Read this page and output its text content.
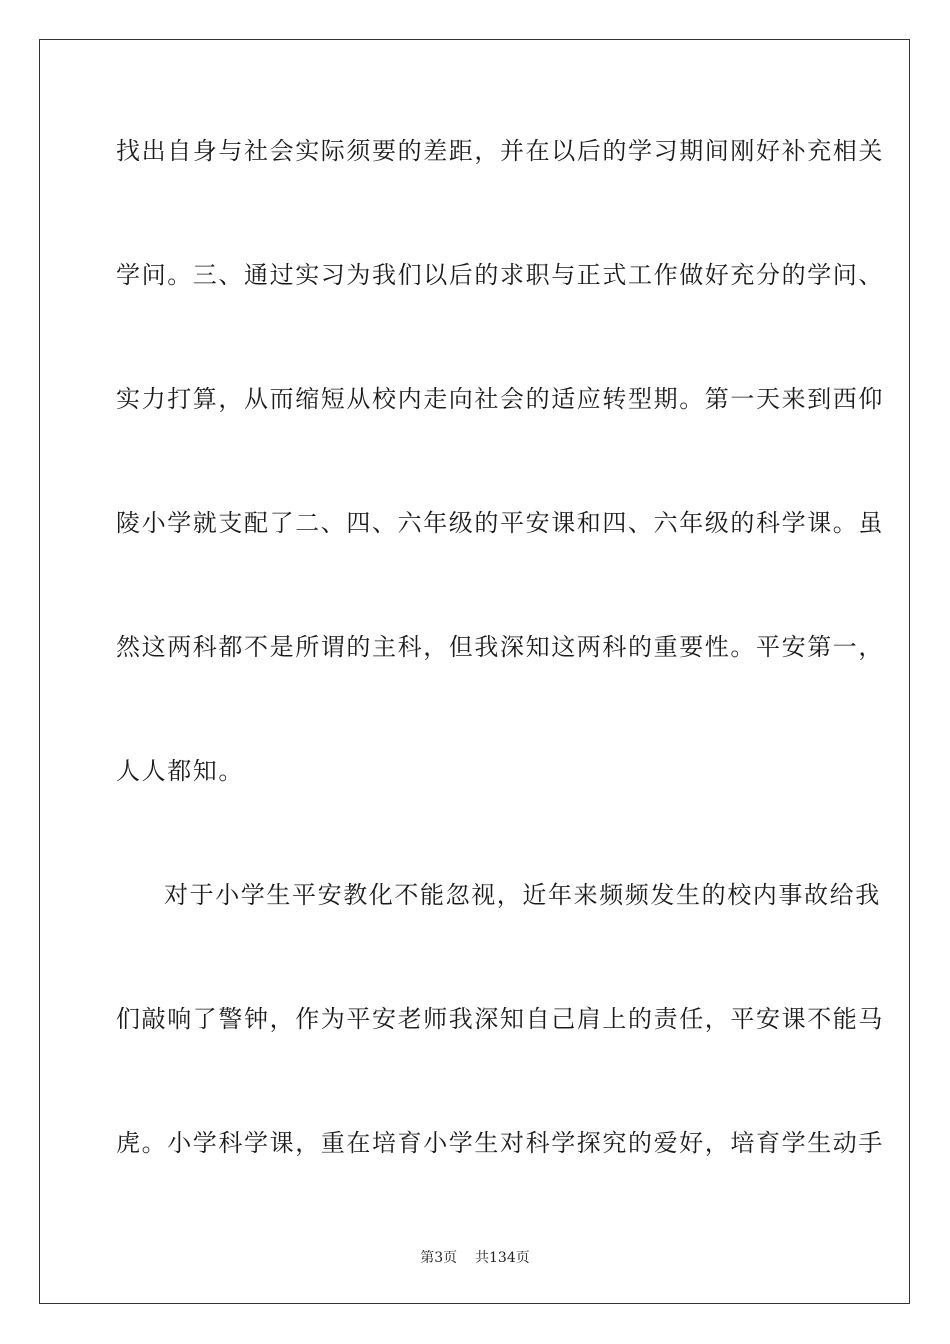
找出自身与社会实际须要的差距，并在以后的学习期间刚好补充相关
学问。三、通过实习为我们以后的求职与正式工作做好充分的学问、
实力打算，从而缩短从校内走向社会的适应转型期。第一天来到西仰
陵小学就支配了二、四、六年级的平安课和四、六年级的科学课。虽
然这两科都不是所谓的主科，但我深知这两科的重要性。平安第一，
人人都知。
对于小学生平安教化不能忽视，近年来频频发生的校内事故给我
们敲响了警钟，作为平安老师我深知自己肩上的责任，平安课不能马
虎。小学科学课，重在培育小学生对科学探究的爱好，培育学生动手
第3页 共134页
